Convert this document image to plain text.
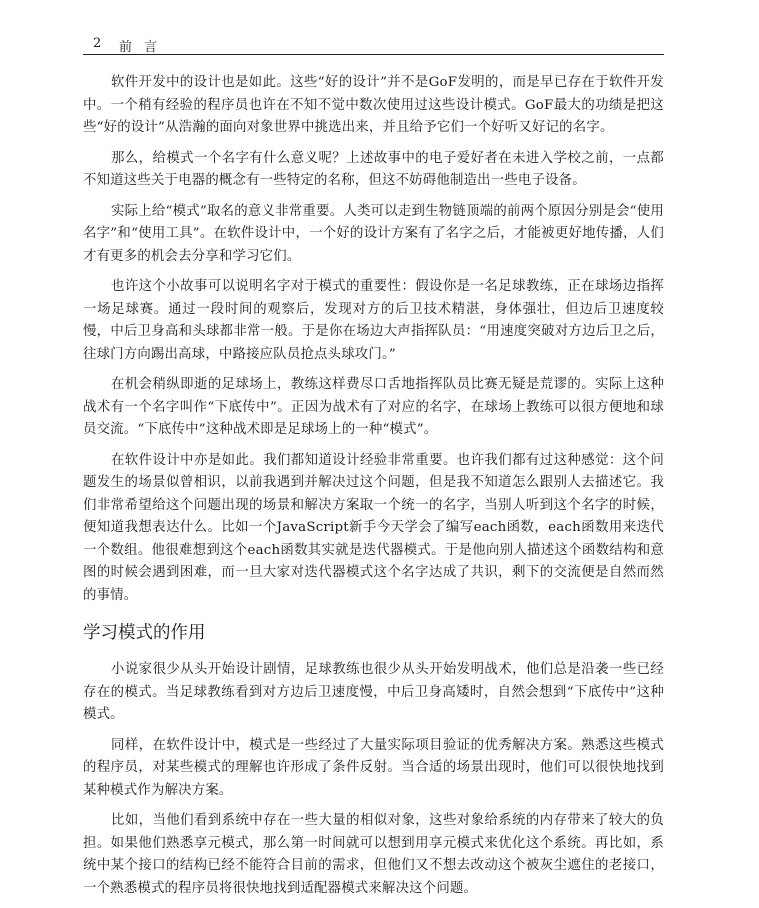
2 前言

软件开发中的设计也是如此。这些“好的设计”并不是GoF发明的，而是早已存在于软件开发中。一个稍有经验的程序员也许在不知不觉中数次使用过这些设计模式。GoF最大的功绩是把这些“好的设计”从浩瀚的面向对象世界中挑选出来，并且给予它们一个好听又好记的名字。

那么，给模式一个名字有什么意义呢？上述故事中的电子爱好者在未进入学校之前，一点都不知道这些关于电器的概念有一些特定的名称，但这不妨碍他制造出一些电子设备。

实际上给“模式”取名的意义非常重要。人类可以走到生物链顶端的前两个原因分别是会“使用名字”和“使用工具”。在软件设计中，一个好的设计方案有了名字之后，才能被更好地传播，人们才有更多的机会去分享和学习它们。

也许这个小故事可以说明名字对于模式的重要性：假设你是一名足球教练，正在球场边指挥一场足球赛。通过一段时间的观察后，发现对方的后卫技术精湛，身体强壮，但边后卫速度较慢，中后卫身高和头球都非常一般。于是你在场边大声指挥队员：“用速度突破对方边后卫之后，往球门方向踢出高球，中路接应队员抢点头球攻门。”

在机会稍纵即逝的足球场上，教练这样费尽口舌地指挥队员比赛无疑是荒谬的。实际上这种战术有一个名字叫作“下底传中”。正因为战术有了对应的名字，在球场上教练可以很方便地和球员交流。“下底传中”这种战术即是足球场上的一种“模式”。

在软件设计中亦是如此。我们都知道设计经验非常重要。也许我们都有过这种感觉：这个问题发生的场景似曾相识，以前我遇到并解决过这个问题，但是我不知道怎么跟别人去描述它。我们非常希望给这个问题出现的场景和解决方案取一个统一的名字，当别人听到这个名字的时候，便知道我想表达什么。比如一个JavaScript新手今天学会了编写each函数，each函数用来迭代一个数组。他很难想到这个each函数其实就是迭代器模式。于是他向别人描述这个函数结构和意图的时候会遇到困难，而一旦大家对迭代器模式这个名字达成了共识，剩下的交流便是自然而然的事情。

学习模式的作用

小说家很少从头开始设计剧情，足球教练也很少从头开始发明战术，他们总是沿袭一些已经存在的模式。当足球教练看到对方边后卫速度慢，中后卫身高矮时，自然会想到“下底传中”这种模式。

同样，在软件设计中，模式是一些经过了大量实际项目验证的优秀解决方案。熟悉这些模式的程序员，对某些模式的理解也许形成了条件反射。当合适的场景出现时，他们可以很快地找到某种模式作为解决方案。

比如，当他们看到系统中存在一些大量的相似对象，这些对象给系统的内存带来了较大的负担。如果他们熟悉享元模式，那么第一时间就可以想到用享元模式来优化这个系统。再比如，系统中某个接口的结构已经不能符合目前的需求，但他们又不想去改动这个被灰尘遮住的老接口，一个熟悉模式的程序员将很快地找到适配器模式来解决这个问题。
